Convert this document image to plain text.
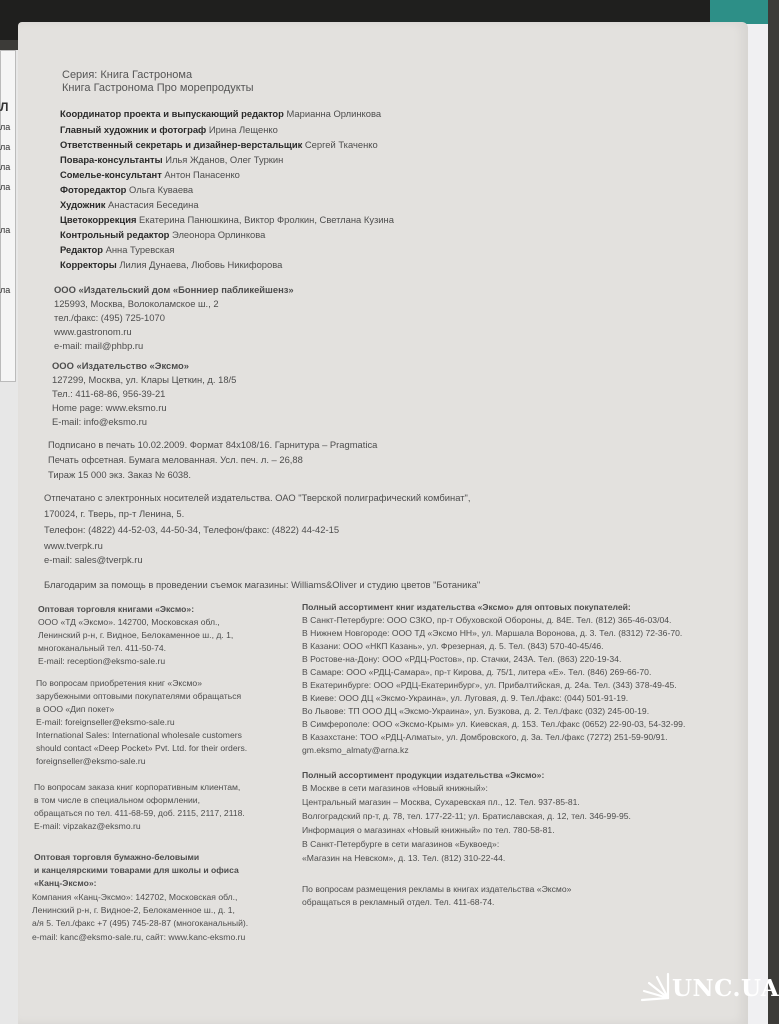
Л
ла
ла
ла
ла
ла
ла
Серия: Книга Гастронома
Книга Гастронома Про морепродукты
Координатор проекта и выпускающий редактор Марианна Орлинкова
Главный художник и фотограф Ирина Лещенко
Ответственный секретарь и дизайнер-верстальщик Сергей Ткаченко
Повара-консультанты Илья Жданов, Олег Туркин
Сомелье-консультант Антон Панасенко
Фоторедактор Ольга Куваева
Художник Анастасия Беседина
Цветокоррекция Екатерина Панюшкина, Виктор Фролкин, Светлана Кузина
Контрольный редактор Элеонора Орлинкова
Редактор Анна Туревская
Корректоры Лилия Дунаева, Любовь Никифорова
ООО «Издательский дом «Бонниер пабликейшенз»
125993, Москва, Волоколамское ш., 2
тел./факс: (495) 725-1070
www.gastronom.ru
e-mail: mail@phbp.ru
ООО «Издательство «Эксмо»
127299, Москва, ул. Клары Цеткин, д. 18/5
Тел.: 411-68-86, 956-39-21
Home page: www.eksmo.ru
E-mail: info@eksmo.ru
Подписано в печать 10.02.2009. Формат 84х108/16. Гарнитура – Pragmatica
Печать офсетная. Бумага мелованная. Усл. печ. л. – 26,88
Тираж 15 000 экз. Заказ № 6038.
Отпечатано с электронных носителей издательства. ОАО "Тверской полиграфический комбинат",
170024, г. Тверь, пр-т Ленина, 5.
Телефон: (4822) 44-52-03, 44-50-34, Телефон/факс: (4822) 44-42-15
www.tverpk.ru
e-mail: sales@tverpk.ru
Благодарим за помощь в проведении съемок магазины: Williams&Oliver и студию цветов "Ботаника"
Оптовая торговля книгами «Эксмо»:
ООО «ТД «Эксмо». 142700, Московская обл.,
Ленинский р-н, г. Видное, Белокаменное ш., д. 1,
многоканальный тел. 411-50-74.
E-mail: reception@eksmo-sale.ru
По вопросам приобретения книг «Эксмо»
зарубежными оптовыми покупателями обращаться
в ООО «Дип покет»
E-mail: foreignseller@eksmo-sale.ru
International Sales: International wholesale customers
should contact «Deep Pocket» Pvt. Ltd. for their orders.
foreignseller@eksmo-sale.ru
По вопросам заказа книг корпоративным клиентам,
в том числе в специальном оформлении,
обращаться по тел. 411-68-59, доб. 2115, 2117, 2118.
E-mail: vipzakaz@eksmo.ru
Оптовая торговля бумажно-беловыми
и канцелярскими товарами для школы и офиса
«Канц-Эксмо»:
Компания «Канц-Эксмо»: 142702, Московская обл.,
Ленинский р-н, г. Видное-2, Белокаменное ш., д. 1,
а/я 5. Тел./факс +7 (495) 745-28-87 (многоканальный).
e-mail: kanc@eksmo-sale.ru, сайт: www.kanc-eksmo.ru
Полный ассортимент книг издательства «Эксмо» для оптовых покупателей:
В Санкт-Петербурге: ООО СЗКО, пр-т Обуховской Обороны, д. 84Е. Тел. (812) 365-46-03/04.
В Нижнем Новгороде: ООО ТД «Эксмо НН», ул. Маршала Воронова, д. 3. Тел. (8312) 72-36-70.
В Казани: ООО «НКП Казань», ул. Фрезерная, д. 5. Тел. (843) 570-40-45/46.
В Ростове-на-Дону: ООО «РДЦ-Ростов», пр. Стачки, 243А. Тел. (863) 220-19-34.
В Самаре: ООО «РДЦ-Самара», пр-т Кирова, д. 75/1, литера «Е». Тел. (846) 269-66-70.
В Екатеринбурге: ООО «РДЦ-Екатеринбург», ул. Прибалтийская, д. 24а. Тел. (343) 378-49-45.
В Киеве: ООО ДЦ «Эксмо-Украина», ул. Луговая, д. 9. Тел./факс: (044) 501-91-19.
Во Львове: ТП ООО ДЦ «Эксмо-Украина», ул. Бузкова, д. 2. Тел./факс (032) 245-00-19.
В Симферополе: ООО «Эксмо-Крым» ул. Киевская, д. 153. Тел./факс (0652) 22-90-03, 54-32-99.
В Казахстане: ТОО «РДЦ-Алматы», ул. Домбровского, д. 3а. Тел./факс (7272) 251-59-90/91.
gm.eksmo_almaty@arna.kz
Полный ассортимент продукции издательства «Эксмо»:
В Москве в сети магазинов «Новый книжный»:
Центральный магазин – Москва, Сухаревская пл., 12. Тел. 937-85-81.
Волгоградский пр-т, д. 78, тел. 177-22-11; ул. Братиславская, д. 12, тел. 346-99-95.
Информация о магазинах «Новый книжный» по тел. 780-58-81.
В Санкт-Петербурге в сети магазинов «Буквоед»:
«Магазин на Невском», д. 13. Тел. (812) 310-22-44.
По вопросам размещения рекламы в книгах издательства «Эксмо»
обращаться в рекламный отдел. Тел. 411-68-74.
UNC.UA
